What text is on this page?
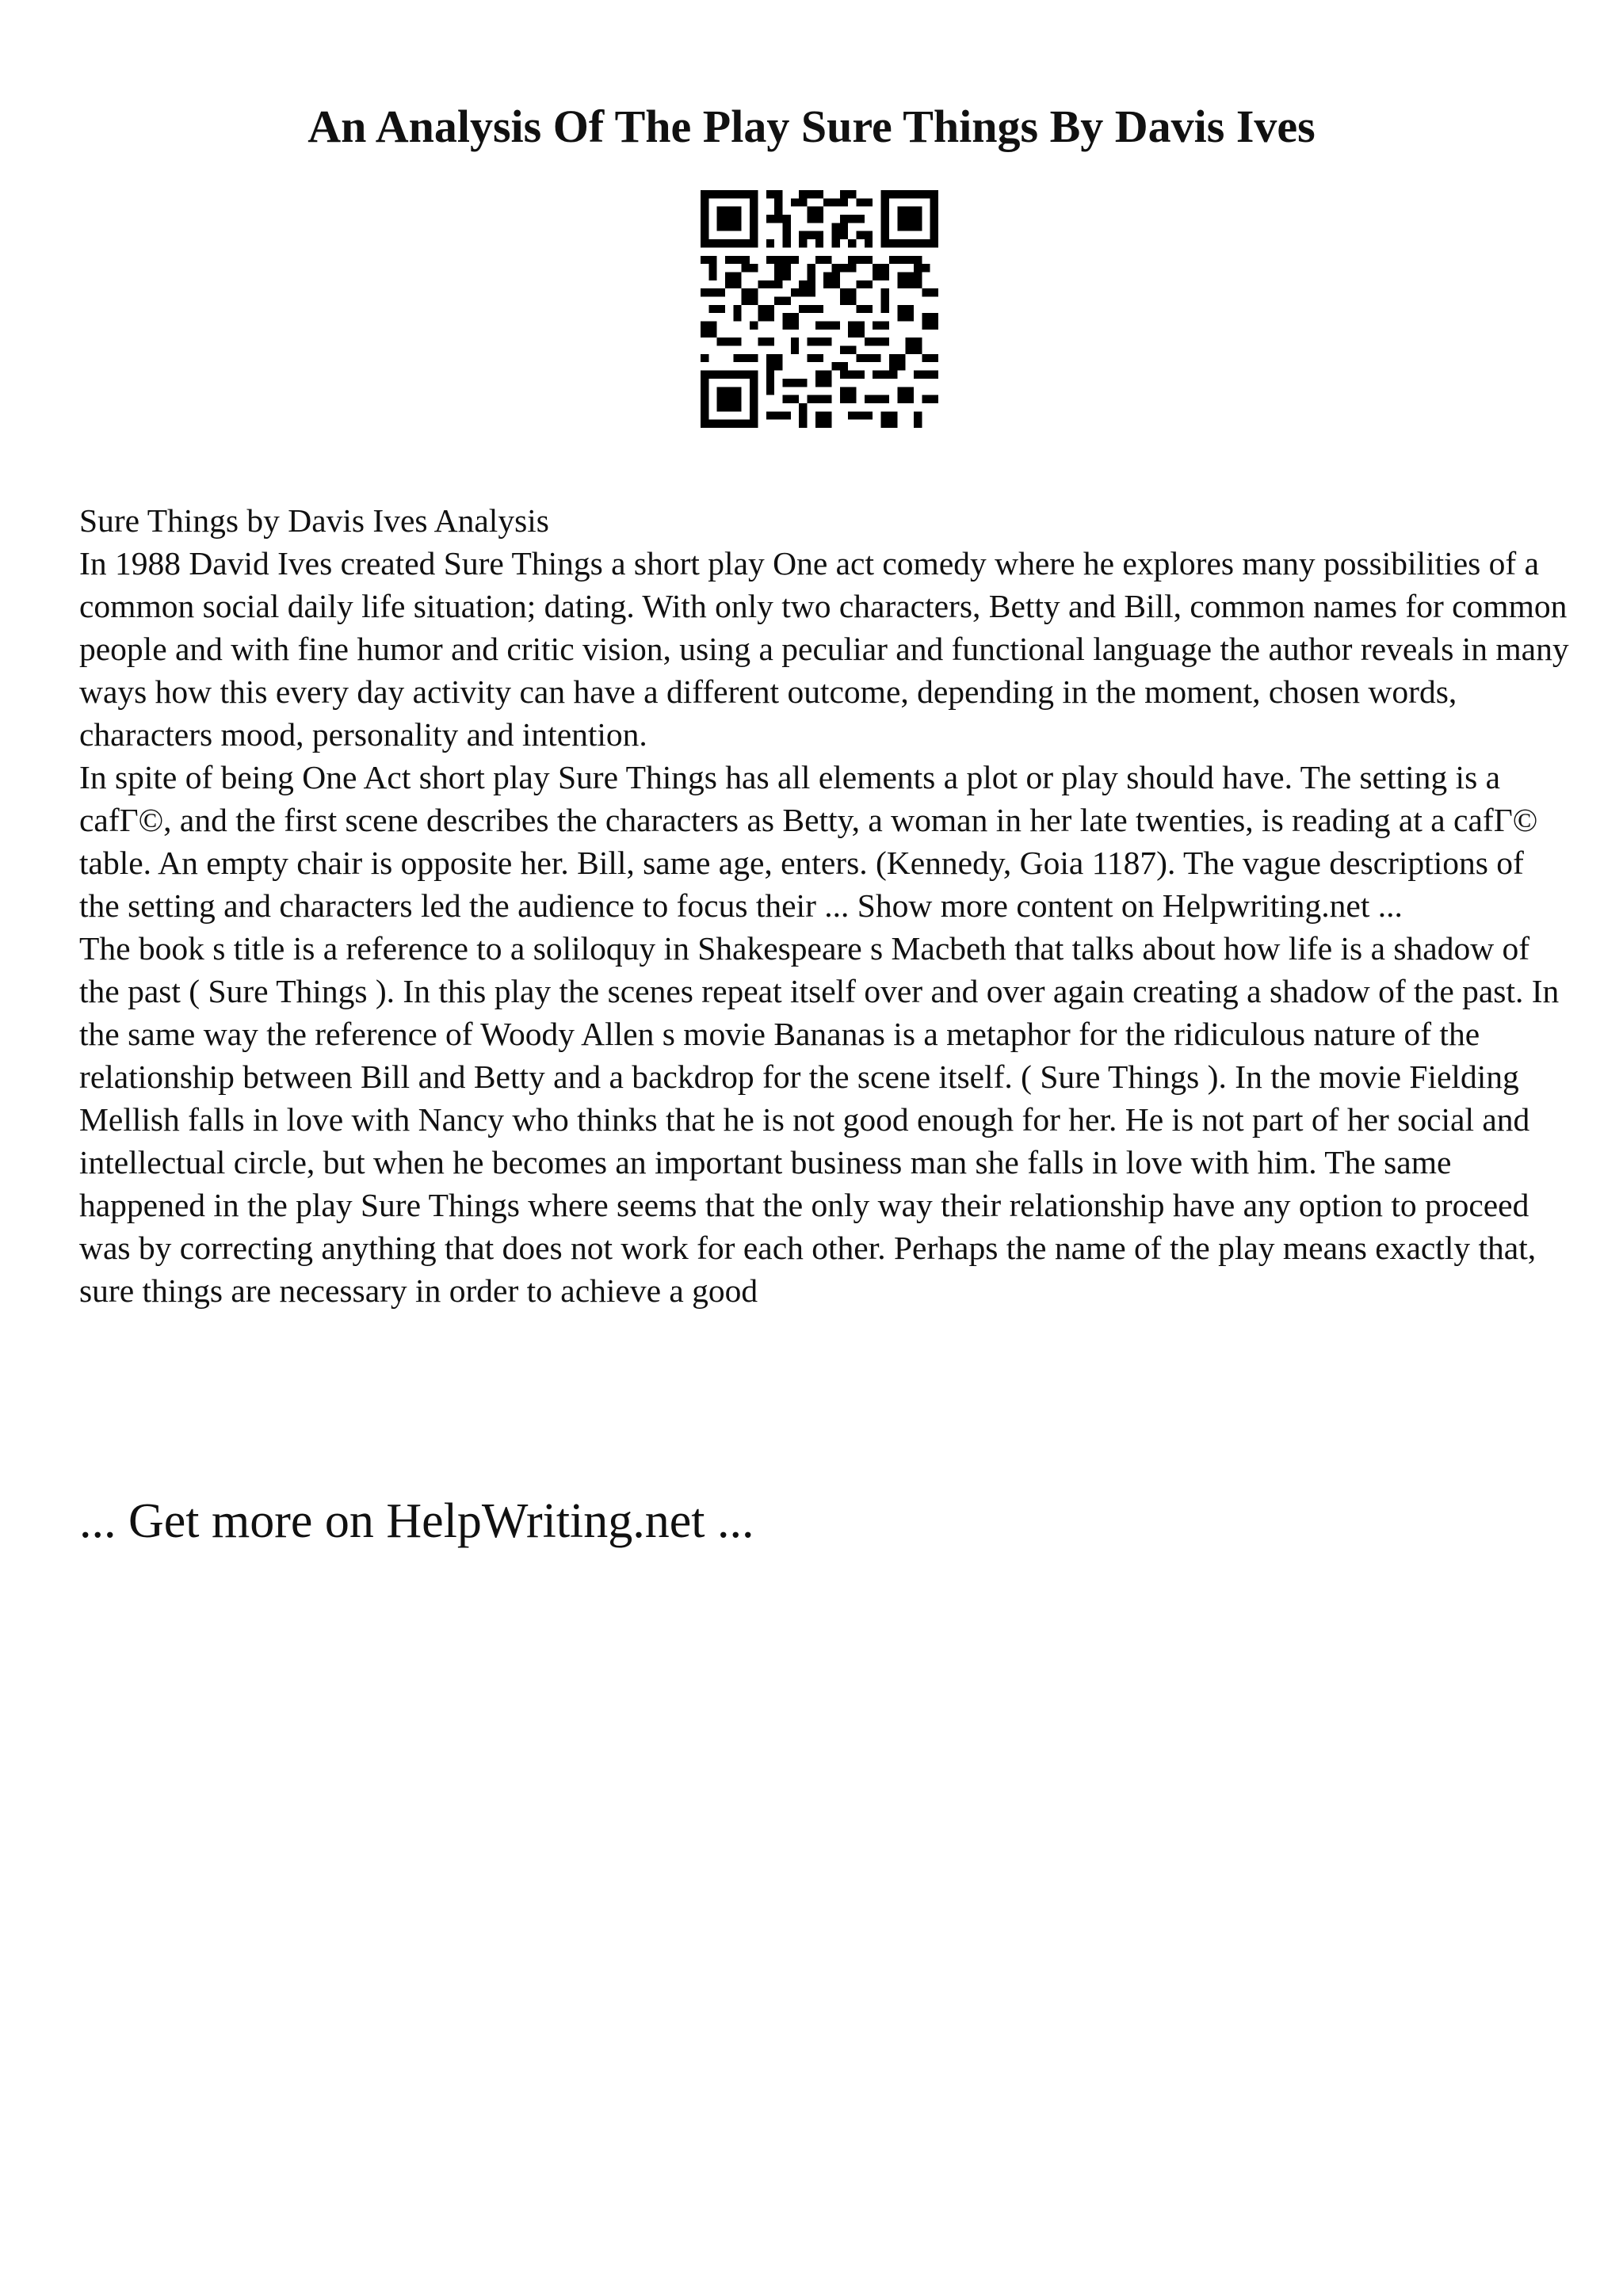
An Analysis Of The Play Sure Things By Davis Ives

Sure Things by Davis Ives Analysis

In 1988 David Ives created Sure Things a short play One act comedy where he explores many possibilities of a common social daily life situation; dating. With only two characters, Betty and Bill, common names for common people and with fine humor and critic vision, using a peculiar and functional language the author reveals in many ways how this every day activity can have a different outcome, depending in the moment, chosen words, characters mood, personality and intention.

In spite of being One Act short play Sure Things has all elements a plot or play should have. The setting is a cafГ©, and the first scene describes the characters as Betty, a woman in her late twenties, is reading at a cafГ© table. An empty chair is opposite her. Bill, same age, enters. (Kennedy, Goia 1187). The vague descriptions of the setting and characters led the audience to focus their ... Show more content on Helpwriting.net ...

The book s title is a reference to a soliloquy in Shakespeare s Macbeth that talks about how life is a shadow of the past ( Sure Things ). In this play the scenes repeat itself over and over again creating a shadow of the past. In the same way the reference of Woody Allen s movie Bananas is a metaphor for the ridiculous nature of the relationship between Bill and Betty and a backdrop for the scene itself. ( Sure Things ). In the movie Fielding Mellish falls in love with Nancy who thinks that he is not good enough for her. He is not part of her social and intellectual circle, but when he becomes an important business man she falls in love with him. The same happened in the play Sure Things where seems that the only way their relationship have any option to proceed was by correcting anything that does not work for each other. Perhaps the name of the play means exactly that, sure things are necessary in order to achieve a good

... Get more on HelpWriting.net ...
